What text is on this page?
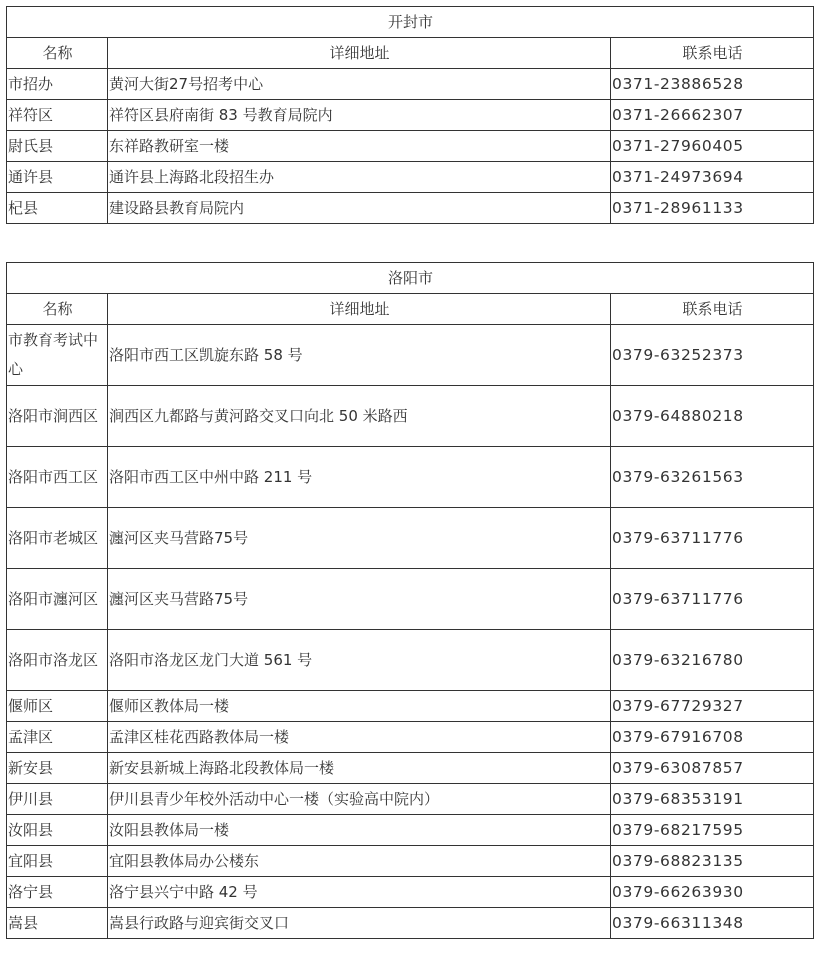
开封市		
名称	详细地址	联系电话
市招办	黄河大街27号招考中心	0371-23886528
祥符区	祥符区县府南街 83 号教育局院内	0371-26662307
尉氏县	东祥路教研室一楼	0371-27960405
通许县	通许县上海路北段招生办	0371-24973694
杞县	建设路县教育局院内	0371-28961133
洛阳市		
名称	详细地址	联系电话
市教育考试中心	洛阳市西工区凯旋东路 58 号	0379-63252373
洛阳市涧西区	涧西区九都路与黄河路交叉口向北 50 米路西	0379-64880218
洛阳市西工区	洛阳市西工区中州中路 211 号	0379-63261563
洛阳市老城区	瀍河区夹马营路75号	0379-63711776
洛阳市瀍河区	瀍河区夹马营路75号	0379-63711776
洛阳市洛龙区	洛阳市洛龙区龙门大道 561 号	0379-63216780
偃师区	偃师区教体局一楼	0379-67729327
孟津区	孟津区桂花西路教体局一楼	0379-67916708
新安县	新安县新城上海路北段教体局一楼	0379-63087857
伊川县	伊川县青少年校外活动中心一楼（实验高中院内）	0379-68353191
汝阳县	汝阳县教体局一楼	0379-68217595
宜阳县	宜阳县教体局办公楼东	0379-68823135
洛宁县	洛宁县兴宁中路 42 号	0379-66263930
嵩县	嵩县行政路与迎宾街交叉口	0379-66311348
